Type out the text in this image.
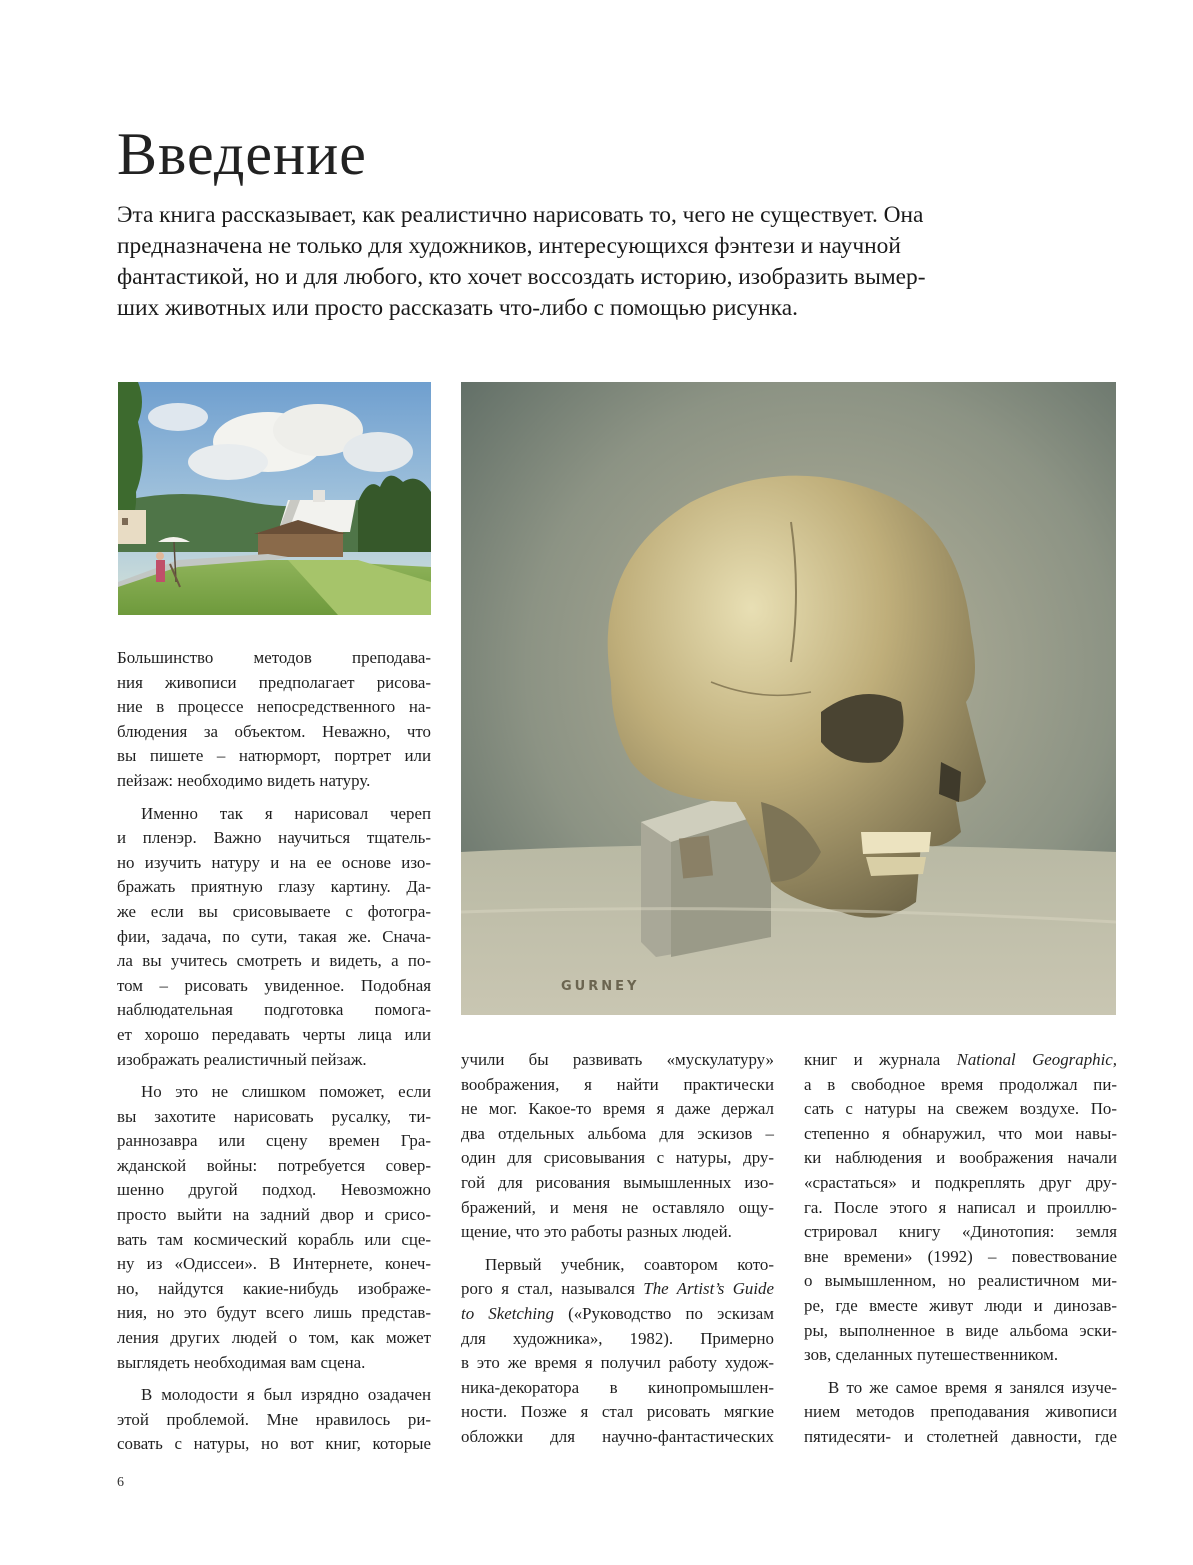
Введение
Эта книга рассказывает, как реалистично нарисовать то, чего не существует. Она
предназначена не только для художников, интересующихся фэнтези и научной
фантастикой, но и для любого, кто хочет воссоздать историю, изобразить вымер-
ших животных или просто рассказать что-либо с помощью рисунка.
GURNEY
Большинство методов преподава-
ния живописи предполагает рисова-
ние в процессе непосредственного на-
блюдения за объектом. Неважно, что
вы пишете – натюрморт, портрет или
пейзаж: необходимо видеть натуру.
Именно так я нарисовал череп
и пленэр. Важно научиться тщатель-
но изучить натуру и на ее основе изо-
бражать приятную глазу картину. Да-
же если вы срисовываете с фотогра-
фии, задача, по сути, такая же. Снача-
ла вы учитесь смотреть и видеть, а по-
том – рисовать увиденное. Подобная
наблюдательная подготовка помога-
ет хорошо передавать черты лица или
изображать реалистичный пейзаж.
Но это не слишком поможет, если
вы захотите нарисовать русалку, ти-
раннозавра или сцену времен Гра-
жданской войны: потребуется совер-
шенно другой подход. Невозможно
просто выйти на задний двор и срисо-
вать там космический корабль или сце-
ну из «Одиссеи». В Интернете, конеч-
но, найдутся какие-нибудь изображе-
ния, но это будут всего лишь представ-
ления других людей о том, как может
выглядеть необходимая вам сцена.
В молодости я был изрядно озадачен
этой проблемой. Мне нравилось ри-
совать с натуры, но вот книг, которые
учили бы развивать «мускулатуру»
воображения, я найти практически
не мог. Какое-то время я даже держал
два отдельных альбома для эскизов –
один для срисовывания с натуры, дру-
гой для рисования вымышленных изо-
бражений, и меня не оставляло ощу-
щение, что это работы разных людей.
Первый учебник, соавтором кото-
рого я стал, назывался The Artist’s Guide
to Sketching («Руководство по эскизам
для художника», 1982). Примерно
в это же время я получил работу худож-
ника-декоратора в кинопромышлен-
ности. Позже я стал рисовать мягкие
обложки для научно-фантастических
книг и журнала National Geographic,
а в свободное время продолжал пи-
сать с натуры на свежем воздухе. По-
степенно я обнаружил, что мои навы-
ки наблюдения и воображения начали
«срастаться» и подкреплять друг дру-
га. После этого я написал и проиллю-
стрировал книгу «Динотопия: земля
вне времени» (1992) – повествование
о вымышленном, но реалистичном ми-
ре, где вместе живут люди и динозав-
ры, выполненное в виде альбома эски-
зов, сделанных путешественником.
В то же самое время я занялся изуче-
нием методов преподавания живописи
пятидесяти- и столетней давности, где
6
